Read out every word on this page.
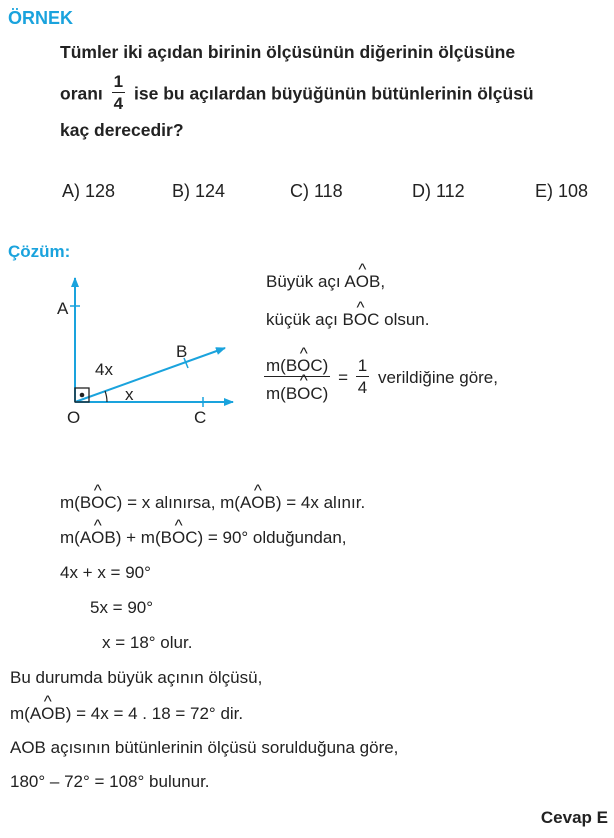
ÖRNEK
Tümler iki açıdan birinin ölçüsünün diğerinin ölçüsüne
oranı $\frac{1}{4}$ ise bu açılardan büyüğünün bütünlerinin ölçüsü
kaç derecedir?
A) 128	B) 124	C) 118	D) 112	E) 108
Çözüm:
A
B
C
O
4x
x
Büyük açı A^ OB,
küçük açı B^ OC olsun.
$\frac{m(B\^{} OC)}{m(B\^{} OC)} = \frac{1}{4}$ verildiğine göre,
m(B^ OC) = x alınırsa, m(A^ OB) = 4x alınır.
m(A^ OB) + m(B^ OC) = 90° olduğundan,
4x + x = 90°
5x = 90°
x = 18° olur.
Bu durumda büyük açının ölçüsü,
m(A^ OB) = 4x = 4 . 18 = 72° dir.
AOB açısının bütünlerinin ölçüsü sorulduğuna göre,
180° – 72° = 108° bulunur.
Cevap E
